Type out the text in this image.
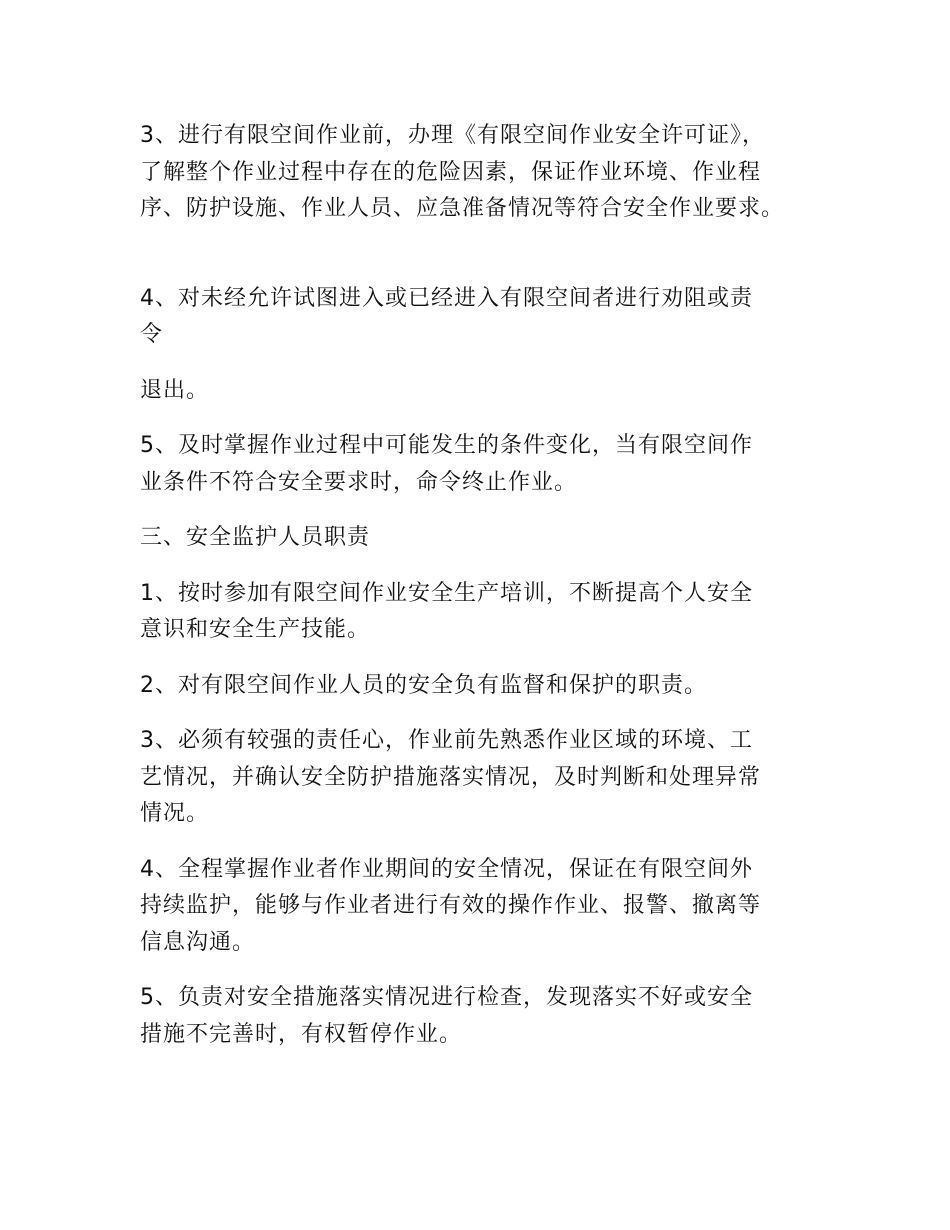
3、进行有限空间作业前，办理《有限空间作业安全许可证》，
了解整个作业过程中存在的危险因素，保证作业环境、作业程
序、防护设施、作业人员、应急准备情况等符合安全作业要求。

4、对未经允许试图进入或已经进入有限空间者进行劝阻或责
令

退出。

5、及时掌握作业过程中可能发生的条件变化，当有限空间作
业条件不符合安全要求时，命令终止作业。

三、安全监护人员职责

1、按时参加有限空间作业安全生产培训，不断提高个人安全
意识和安全生产技能。

2、对有限空间作业人员的安全负有监督和保护的职责。

3、必须有较强的责任心，作业前先熟悉作业区域的环境、工
艺情况，并确认安全防护措施落实情况，及时判断和处理异常
情况。

4、全程掌握作业者作业期间的安全情况，保证在有限空间外
持续监护，能够与作业者进行有效的操作作业、报警、撤离等
信息沟通。

5、负责对安全措施落实情况进行检查，发现落实不好或安全
措施不完善时，有权暂停作业。
